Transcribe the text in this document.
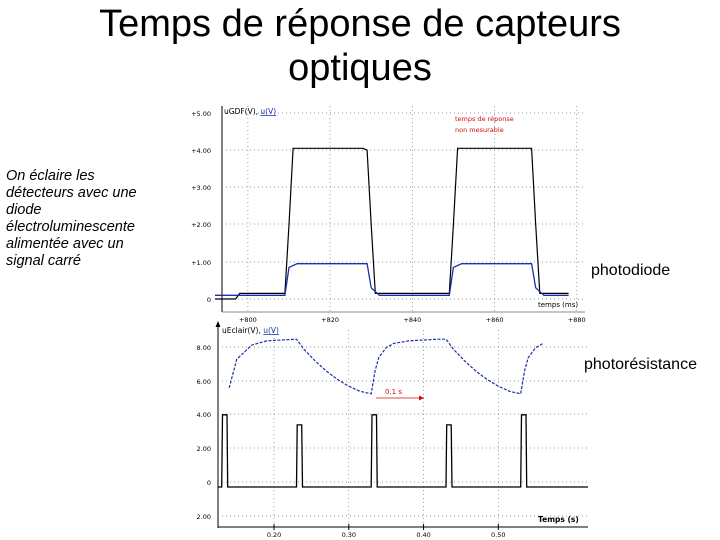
Temps de réponse de capteurs optiques
On éclaire les
détecteurs avec une
diode
électroluminescente
alimentée avec un
signal carré
+5.00
+4.00
+3.00
+2.00
+1.00
0
+800	+820	+840	+860	+880
uGDF(V), u(V)
temps (ms)
temps de réponse
non mesurable
8.00
6.00
4.00
2.00
0
2.00
0.20	0.30	0.40	0.50
uEclair(V), u(V)
Temps (s)
0.1 s
photodiode
photorésistance
